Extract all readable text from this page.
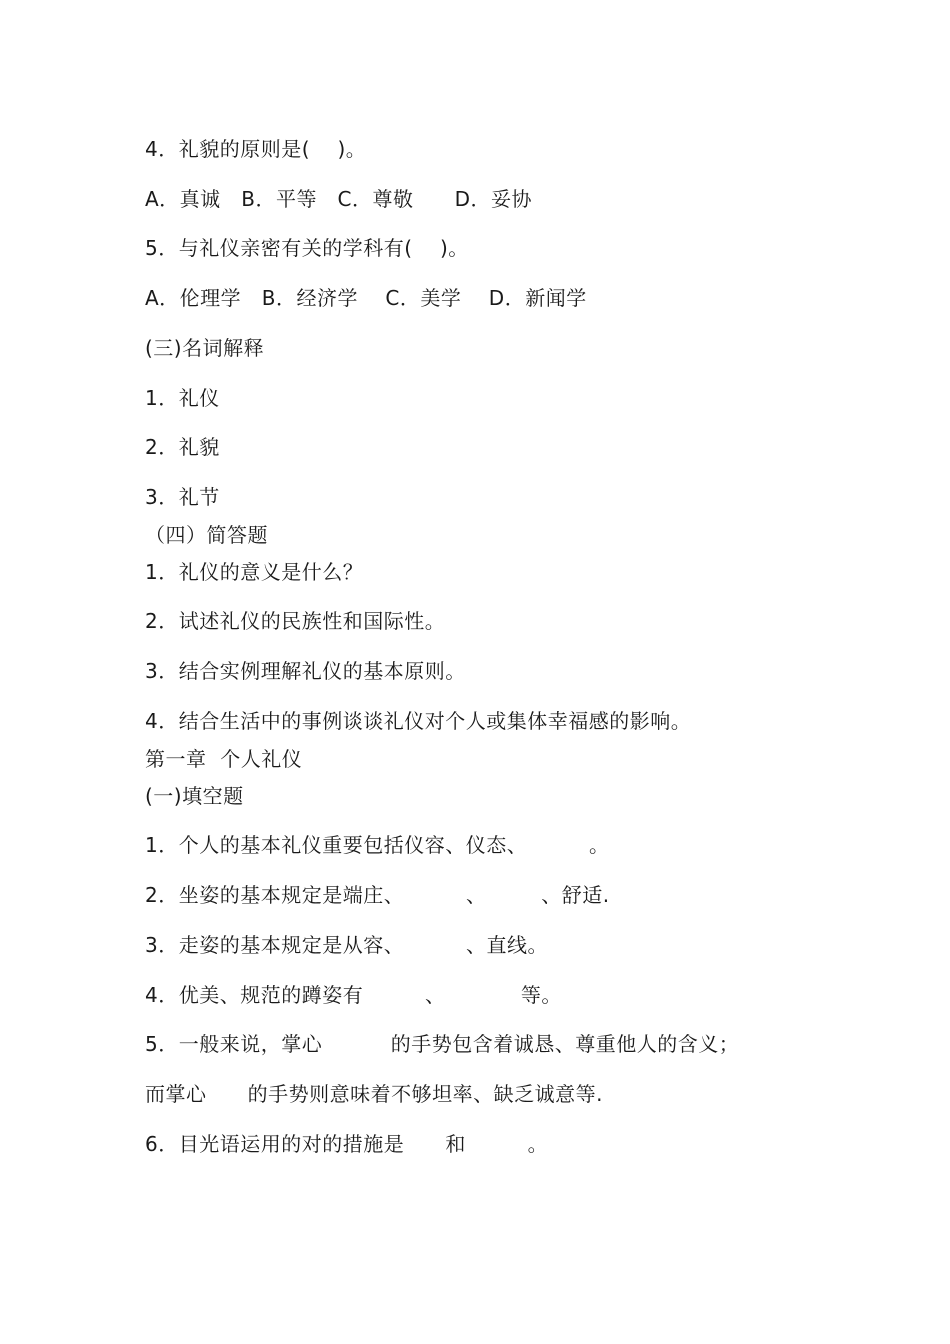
4．礼貌的原则是(    )。
A．真诚   B．平等   C．尊敬      D．妥协
5．与礼仪亲密有关的学科有(    )。
A．伦理学   B．经济学    C．美学    D．新闻学
(三)名词解释
1．礼仪
2．礼貌
3．礼节
（四）简答题
1．礼仪的意义是什么？
2．试述礼仪的民族性和国际性。
3．结合实例理解礼仪的基本原则。
4．结合生活中的事例谈谈礼仪对个人或集体幸福感的影响。
第一章  个人礼仪
(一)填空题
1．个人的基本礼仪重要包括仪容、仪态、         。
2．坐姿的基本规定是端庄、         、        、舒适.
3．走姿的基本规定是从容、         、直线。
4．优美、规范的蹲姿有         、           等。
5．一般来说，掌心          的手势包含着诚恳、尊重他人的含义；
而掌心      的手势则意味着不够坦率、缺乏诚意等.
6．目光语运用的对的措施是      和         。
